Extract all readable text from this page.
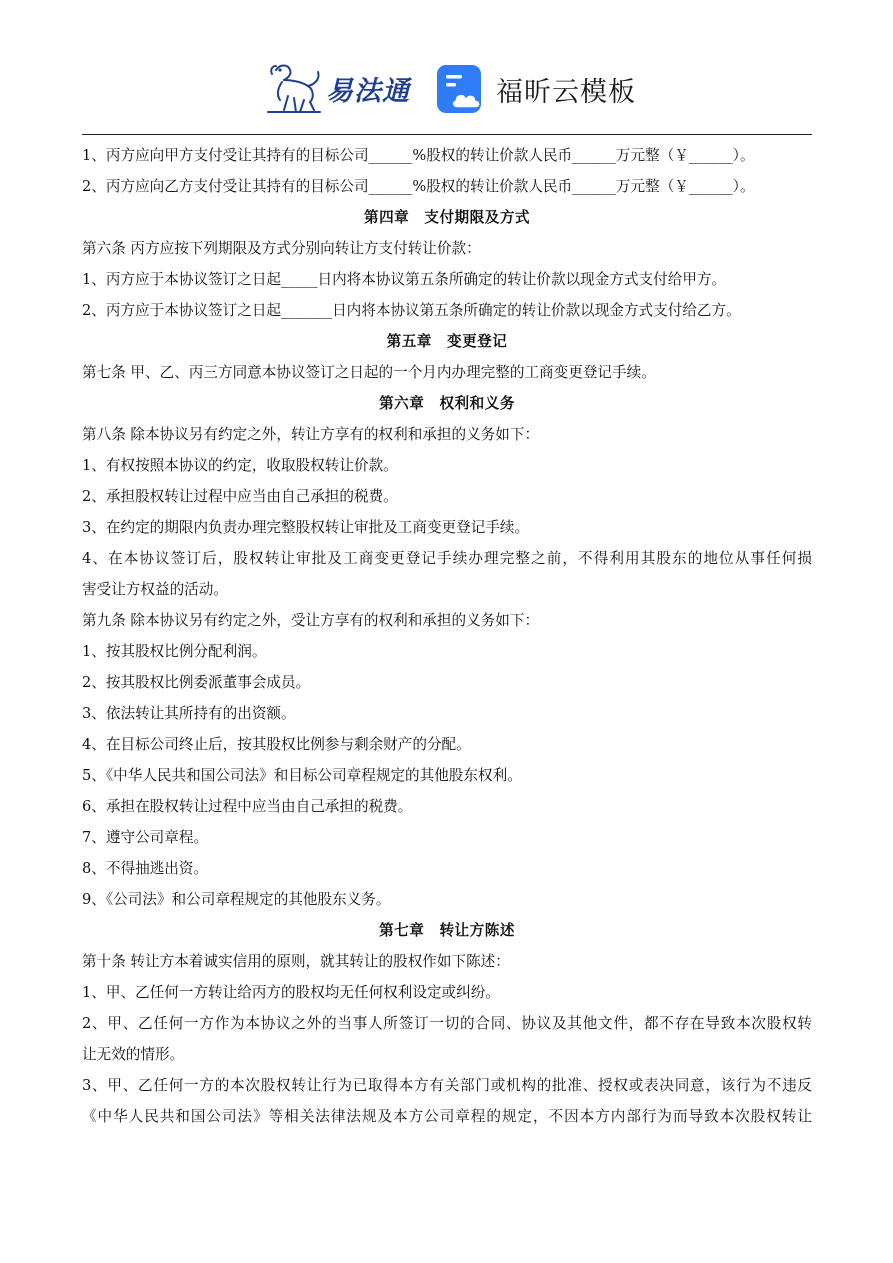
易法通	福昕云模板
1、丙方应向甲方支付受让其持有的目标公司______%股权的转让价款人民币______万元整（￥______）。
2、丙方应向乙方支付受让其持有的目标公司______%股权的转让价款人民币______万元整（￥______）。
第四章　支付期限及方式
第六条 丙方应按下列期限及方式分别向转让方支付转让价款：
1、丙方应于本协议签订之日起_____日内将本协议第五条所确定的转让价款以现金方式支付给甲方。
2、丙方应于本协议签订之日起_______日内将本协议第五条所确定的转让价款以现金方式支付给乙方。
第五章　变更登记
第七条 甲、乙、丙三方同意本协议签订之日起的一个月内办理完整的工商变更登记手续。
第六章　权利和义务
第八条 除本协议另有约定之外，转让方享有的权利和承担的义务如下：
1、有权按照本协议的约定，收取股权转让价款。
2、承担股权转让过程中应当由自己承担的税费。
3、在约定的期限内负责办理完整股权转让审批及工商变更登记手续。
4、在本协议签订后，股权转让审批及工商变更登记手续办理完整之前，不得利用其股东的地位从事任何损
害受让方权益的活动。
第九条 除本协议另有约定之外，受让方享有的权利和承担的义务如下：
1、按其股权比例分配利润。
2、按其股权比例委派董事会成员。
3、依法转让其所持有的出资额。
4、在目标公司终止后，按其股权比例参与剩余财产的分配。
5、《中华人民共和国公司法》和目标公司章程规定的其他股东权利。
6、承担在股权转让过程中应当由自己承担的税费。
7、遵守公司章程。
8、不得抽逃出资。
9、《公司法》和公司章程规定的其他股东义务。
第七章　转让方陈述
第十条 转让方本着诚实信用的原则，就其转让的股权作如下陈述：
1、甲、乙任何一方转让给丙方的股权均无任何权利设定或纠纷。
2、甲、乙任何一方作为本协议之外的当事人所签订一切的合同、协议及其他文件，都不存在导致本次股权转
让无效的情形。
3、甲、乙任何一方的本次股权转让行为已取得本方有关部门或机构的批准、授权或表决同意，该行为不违反
《中华人民共和国公司法》等相关法律法规及本方公司章程的规定，不因本方内部行为而导致本次股权转让
